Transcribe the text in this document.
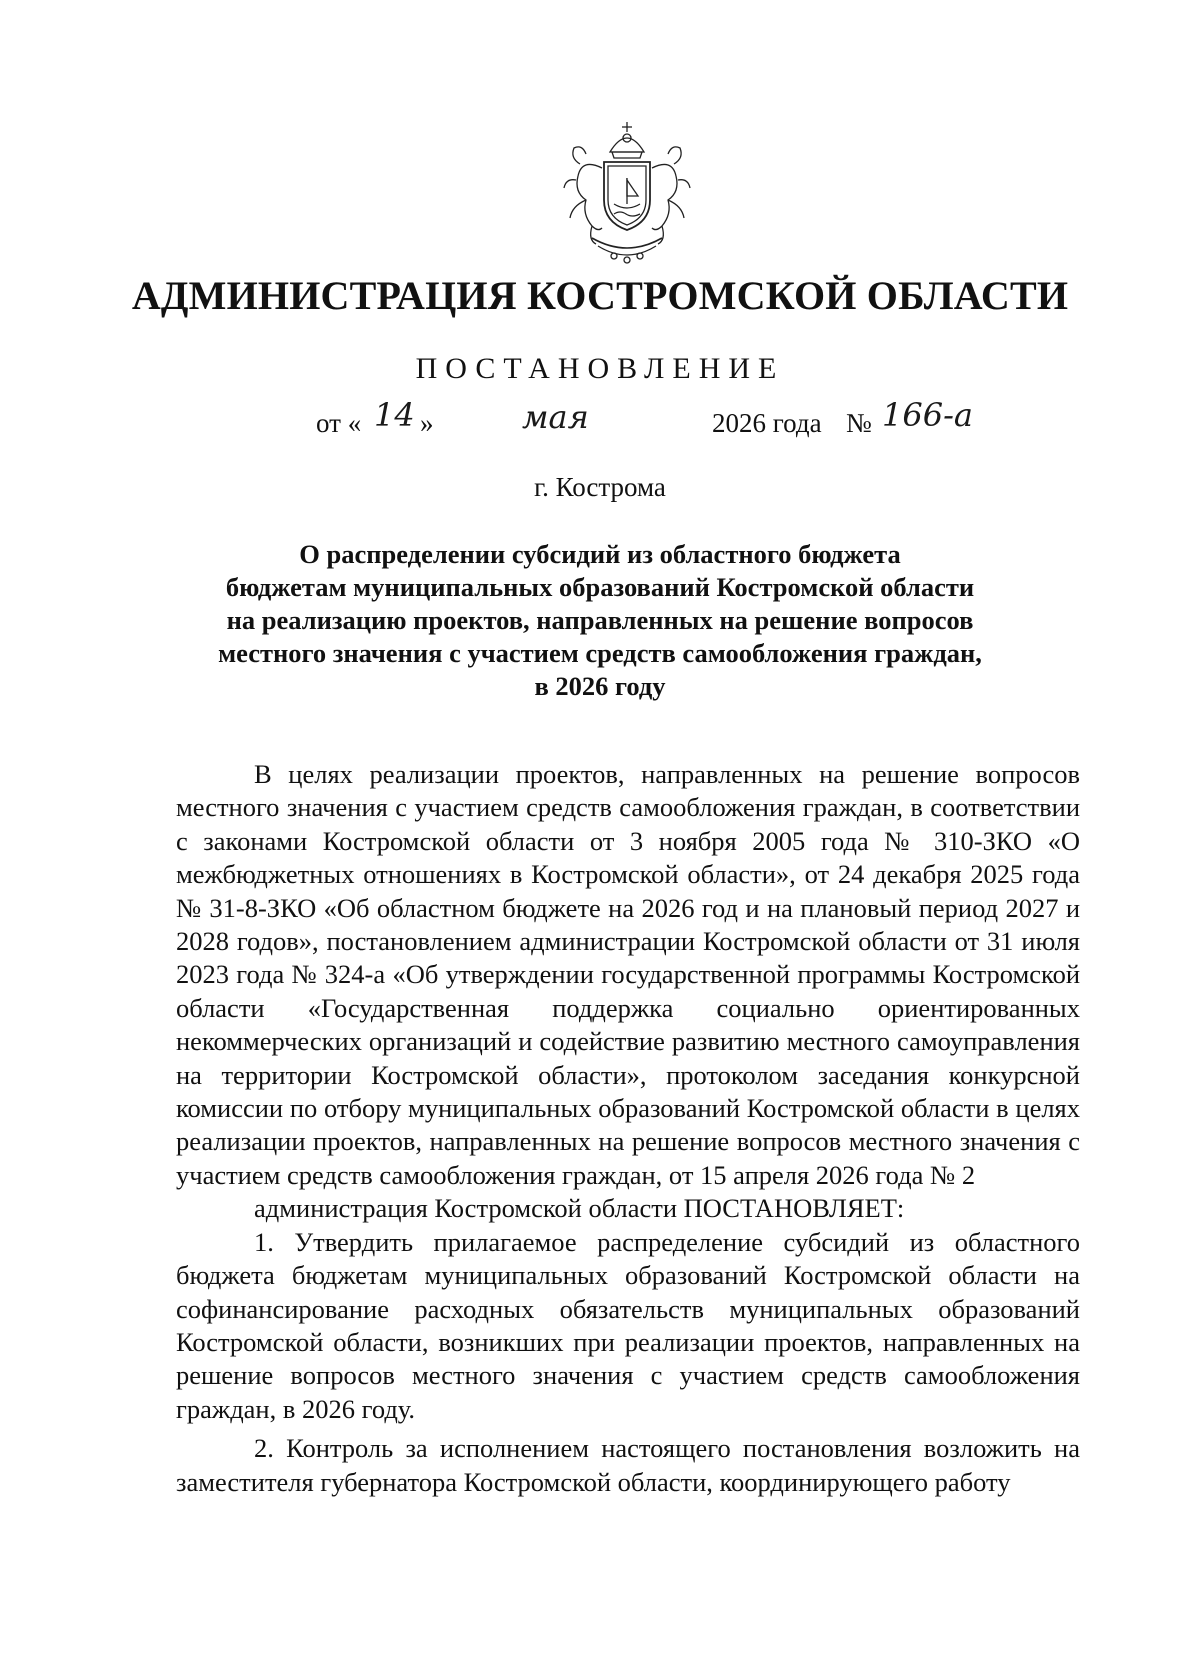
АДМИНИСТРАЦИЯ КОСТРОМСКОЙ ОБЛАСТИ
ПОСТАНОВЛЕНИЕ
от « 14 »	мая	2026 года № 166-а
г. Кострома
О распределении субсидий из областного бюджета
бюджетам муниципальных образований Костромской области
на реализацию проектов, направленных на решение вопросов
местного значения с участием средств самообложения граждан,
в 2026 году

В целях реализации проектов, направленных на решение вопросов местного значения с участием средств самообложения граждан, в соответствии с законами Костромской области от 3 ноября 2005 года № 310-ЗКО «О межбюджетных отношениях в Костромской области», от 24 декабря 2025 года № 31-8-ЗКО «Об областном бюджете на 2026 год и на плановый период 2027 и 2028 годов», постановлением администрации Костромской области от 31 июля 2023 года № 324-а «Об утверждении государственной программы Костромской области «Государственная поддержка социально ориентированных некоммерческих организаций и содействие развитию местного самоуправления на территории Костромской области», протоколом заседания конкурсной комиссии по отбору муниципальных образований Костромской области в целях реализации проектов, направленных на решение вопросов местного значения с участием средств самообложения граждан, от 15 апреля 2026 года № 2

администрация Костромской области ПОСТАНОВЛЯЕТ:

1. Утвердить прилагаемое распределение субсидий из областного бюджета бюджетам муниципальных образований Костромской области на софинансирование расходных обязательств муниципальных образований Костромской области, возникших при реализации проектов, направленных на решение вопросов местного значения с участием средств самообложения граждан, в 2026 году.

2. Контроль за исполнением настоящего постановления возложить на заместителя губернатора Костромской области, координирующего работу
